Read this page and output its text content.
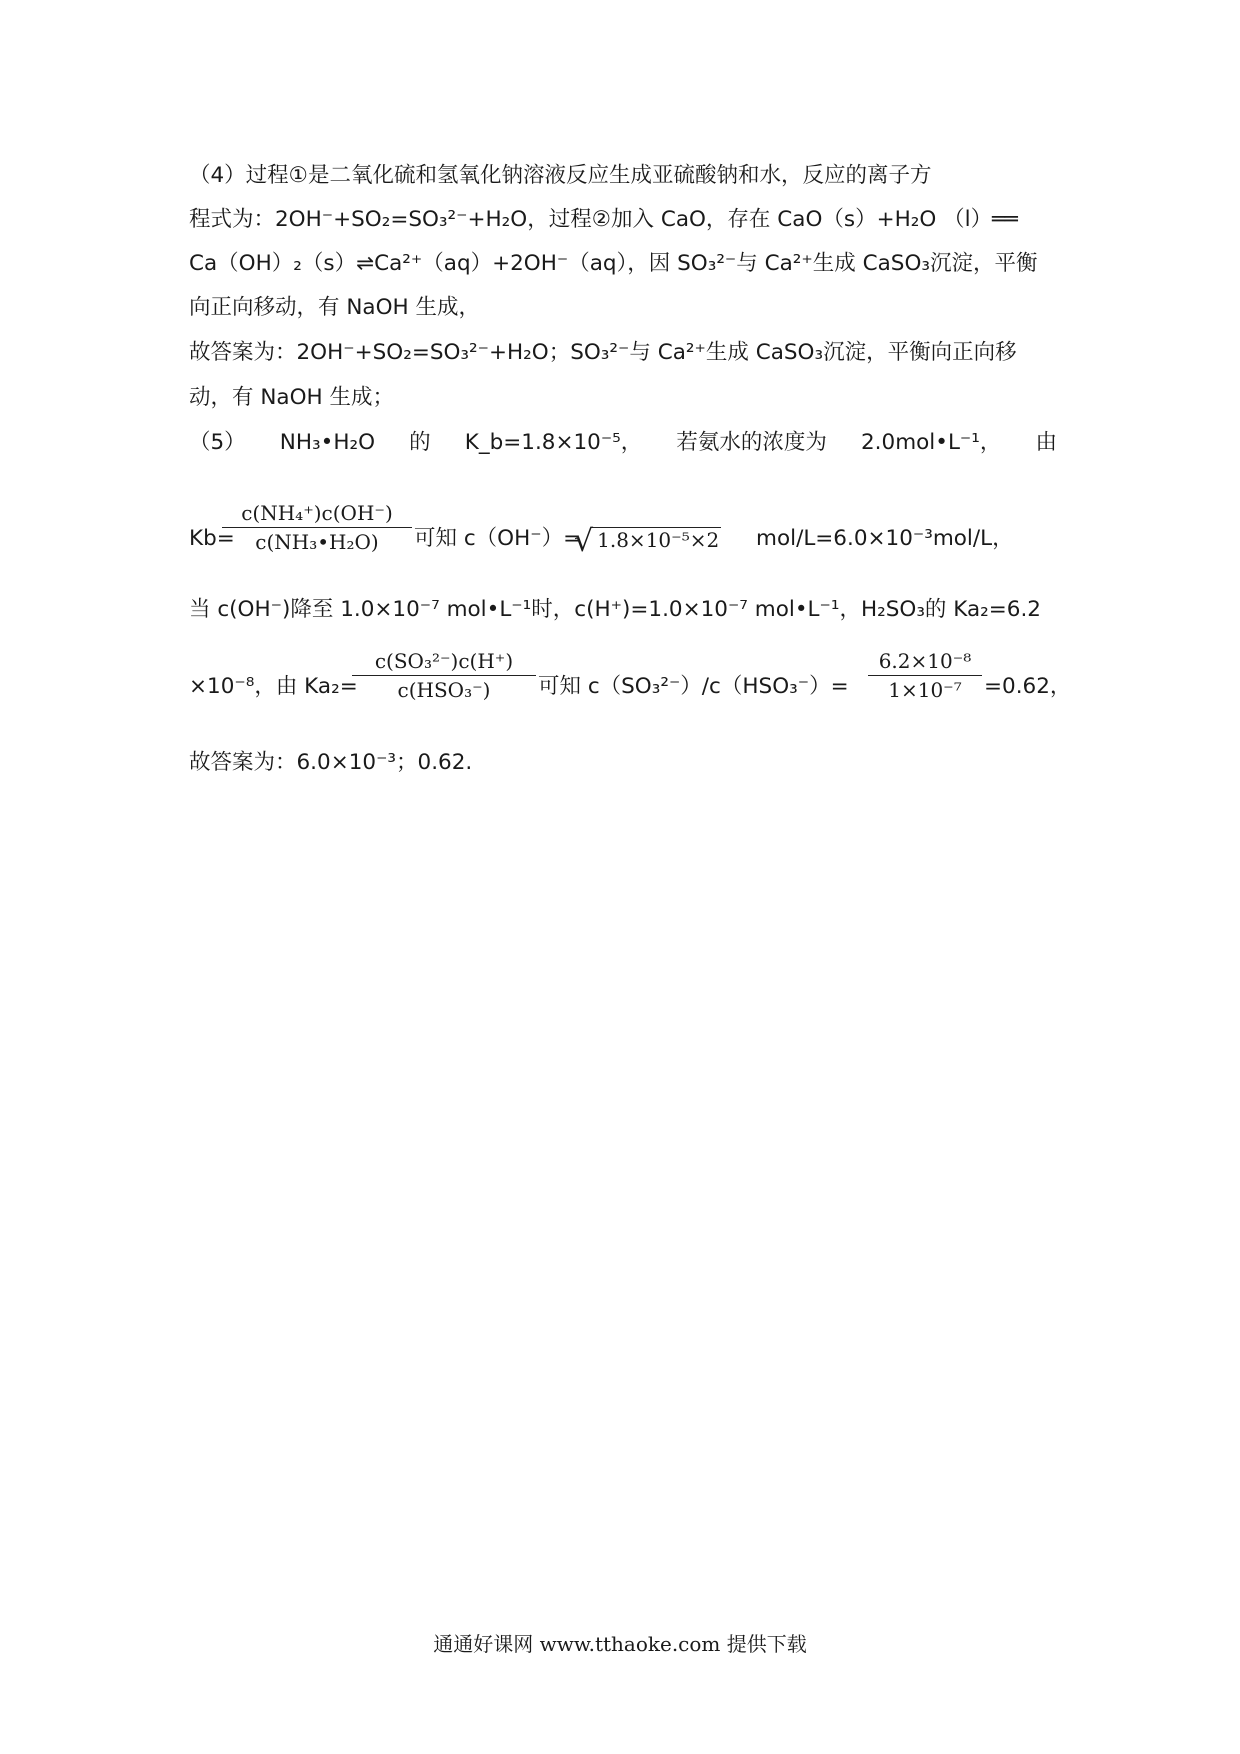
（4）过程①是二氧化硫和氢氧化钠溶液反应生成亚硫酸钠和水，反应的离子方
程式为：2OH⁻+SO₂=SO₃²⁻+H₂O，过程②加入 CaO，存在 CaO（s）+H₂O （l）══
Ca（OH）₂（s）⇌Ca²⁺（aq）+2OH⁻（aq），因 SO₃²⁻与 Ca²⁺生成 CaSO₃沉淀，平衡
向正向移动，有 NaOH 生成，
故答案为：2OH⁻+SO₂=SO₃²⁻+H₂O；SO₃²⁻与 Ca²⁺生成 CaSO₃沉淀，平衡向正向移
动，有 NaOH 生成；
（5） NH₃•H₂O 的 K_b=1.8×10⁻⁵， 若氨水的浓度为 2.0mol•L⁻¹， 由
Kb=
c(NH₄⁺)c(OH⁻)
c(NH₃•H₂O)	可知 c（OH⁻）=
√ 1.8×10⁻⁵×2 mol/L=6.0×10⁻³mol/L，
当 c(OH⁻)降至 1.0×10⁻⁷ mol•L⁻¹时，c(H⁺)=1.0×10⁻⁷ mol•L⁻¹，H₂SO₃的 Ka₂=6.2
×10⁻⁸，由 Ka₂=
c(SO₃²⁻)c(H⁺)
c(HSO₃⁻)	可知 c（SO₃²⁻）/c（HSO₃⁻）=
6.2×10⁻⁸
1×10⁻⁷	=0.62，
故答案为：6.0×10⁻³；0.62.
通通好课网 www.tthaoke.com 提供下载
